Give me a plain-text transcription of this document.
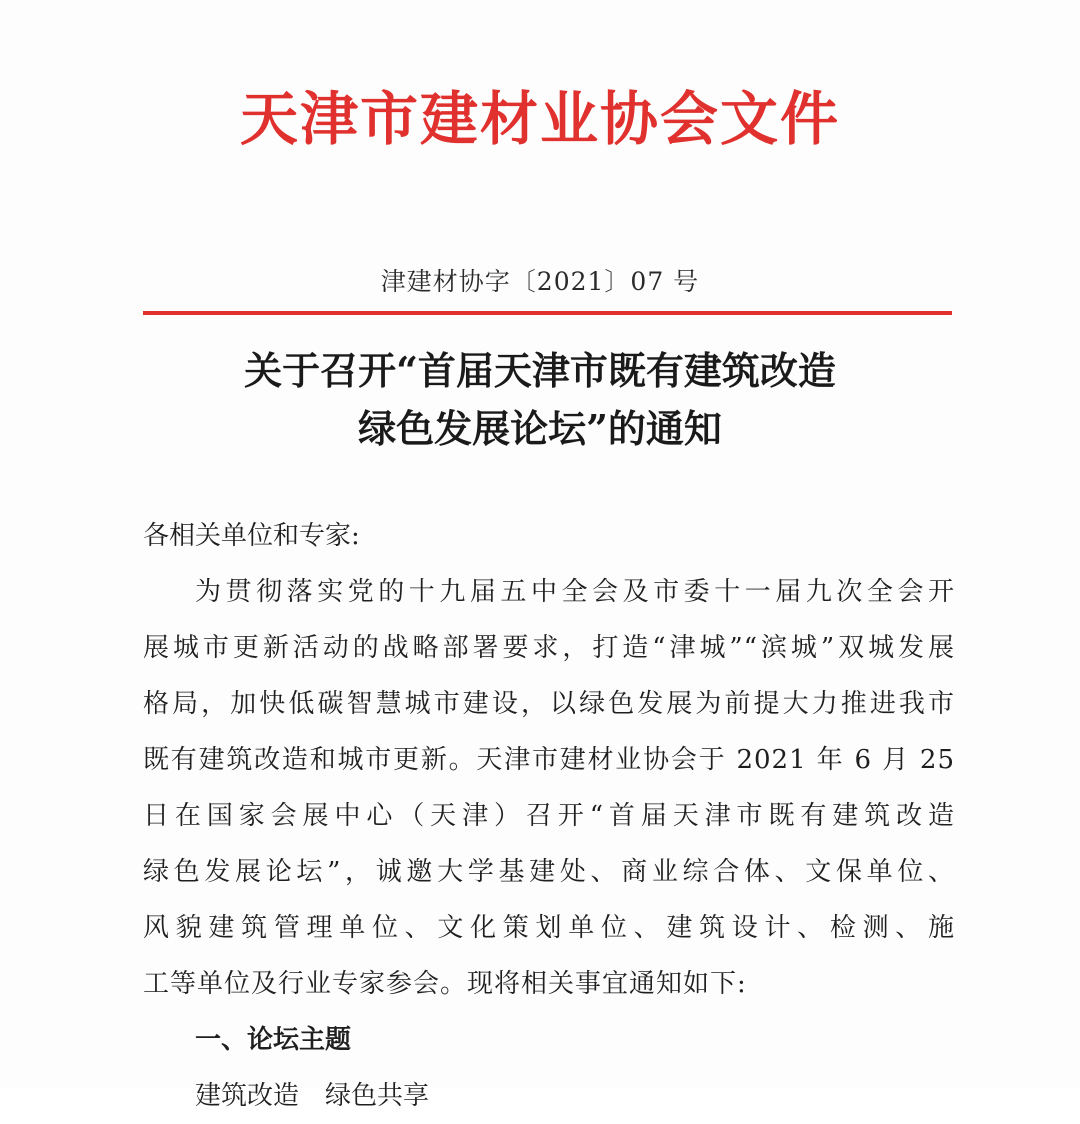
天津市建材业协会文件
津建材协字〔2021〕07 号
关于召开“首届天津市既有建筑改造
绿色发展论坛”的通知
各相关单位和专家:
为贯彻落实党的十九届五中全会及市委十一届九次全会开
展城市更新活动的战略部署要求，打造“津城”“滨城”双城发展
格局，加快低碳智慧城市建设，以绿色发展为前提大力推进我市
既有建筑改造和城市更新。天津市建材业协会于 2021 年 6 月 25
日在国家会展中心（天津）召开“首届天津市既有建筑改造
绿色发展论坛”，诚邀大学基建处、商业综合体、文保单位、
风貌建筑管理单位、文化策划单位、建筑设计、检测、施
工等单位及行业专家参会。现将相关事宜通知如下:
一、论坛主题
建筑改造　绿色共享
